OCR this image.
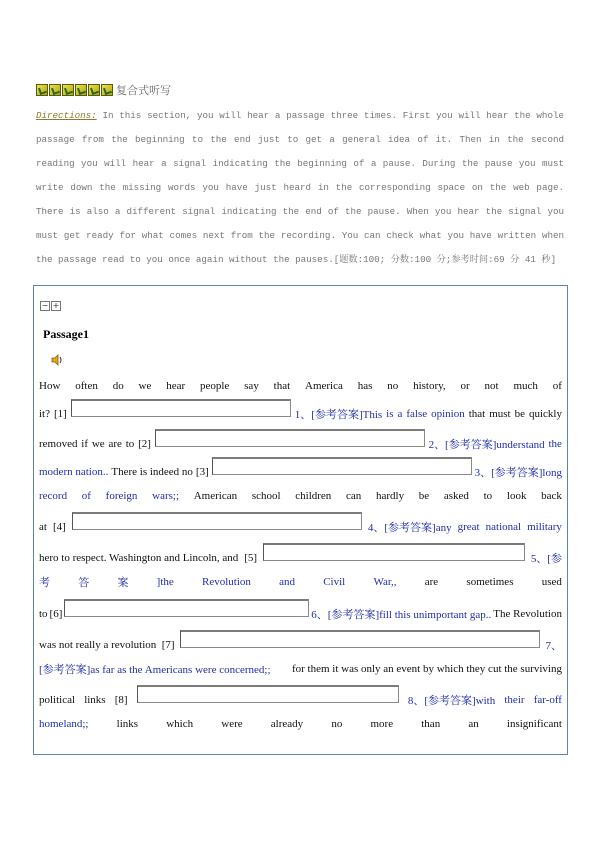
复合式听写
Directions: In this section, you will hear a passage three times. First you will hear the whole passage from the beginning to the end just to get a general idea of it. Then in the second reading you will hear a signal indicating the beginning of a pause. During the pause you must write down the missing words you have just heard in the corresponding space on the web page. There is also a different signal indicating the end of the pause. When you hear the signal you must get ready for what comes next from the recording. You can check what you have written when the passage read to you once again without the pauses.[题数:100; 分数:100 分;参考时间:69 分 41 秒]
− +
Passage1
How often do we hear people say that America has no history, or not much of
it? [1]	1、[参考答案]This is a false opinion that must be quickly
removed if we are to [2]	2、[参考答案]understand the
modern nation.. There is indeed no [3]	3、[参考答案]long
record of foreign wars;; American school children can hardly be asked to look back
at [4]	4、[参考答案]any great national military
hero to respect. Washington and Lincoln, and [5]	5、[参
考	答	案	]the	Revolution	and	Civil	War,,	are	sometimes	used
to [6]	6、[参考答案]fill this unimportant gap.. The Revolution
was not really a revolution [7]	7、
[参考答案]as far as the Americans were concerned;; for them it was only an event by which they cut the surviving
political links [8]	8、[参考答案]with their far-off
homeland;;	links	which	were	already	no	more	than	an	insignificant
